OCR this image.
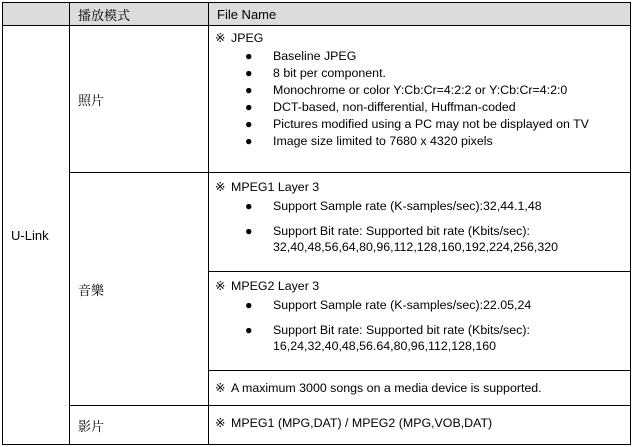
播放模式	File Name
U-Link
照片
※ JPEG
● Baseline JPEG
● 8 bit per component.
● Monochrome or color Y:Cb:Cr=4:2:2 or Y:Cb:Cr=4:2:0
● DCT-based, non-differential, Huffman-coded
● Pictures modified using a PC may not be displayed on TV
● Image size limited to 7680 x 4320 pixels
音樂
※ MPEG1 Layer 3
● Support Sample rate (K-samples/sec):32,44.1,48
● Support Bit rate: Supported bit rate (Kbits/sec):
32,40,48,56,64,80,96,112,128,160,192,224,256,320
※ MPEG2 Layer 3
● Support Sample rate (K-samples/sec):22.05,24
● Support Bit rate: Supported bit rate (Kbits/sec):
16,24,32,40,48,56.64,80,96,112,128,160
※ A maximum 3000 songs on a media device is supported.
影片	※ MPEG1 (MPG,DAT) / MPEG2 (MPG,VOB,DAT)
